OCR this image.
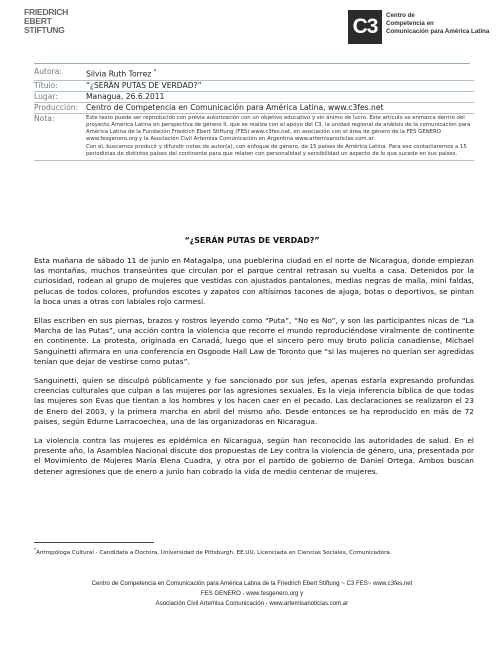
FRIEDRICH
EBERT
STIFTUNG	C3	Centro de
Competencia en
Comunicación para América Latina
Autora:	Silvia Ruth Torrez *
Título:	“¿SERÁN PUTAS DE VERDAD?”
Lugar:	Managua, 26.6.2011
Producción:	Centro de Competencia en Comunicación para América Latina, www.c3fes.net
Nota:	Este texto puede ser reproducido con previa autorización con un objetivo educativo y sin ánimo de lucro. Este artículo se enmarca dentro del proyecto América Latina en perspectiva de género II, que se realiza con el apoyo del C3, la unidad regional de análisis de la comunicación para América Latina de la Fundación Friedrich Ebert Stiftung (FES) www.c3fes.net, en asociación con el área de género de la FES GENERO www.fesgenero.org y la Asociación Civil Artemisa Comunicación en Argentina www.artemisanoticias.com.ar.

Con él, buscamos producir y difundir notas de autor(a), con enfoque de género, de 15 países de América Latina. Para eso contactaremos a 15 periodistas de distintos países del continente para que relaten con personalidad y sensibilidad un aspecto de lo que sucede en sus países.

“¿SERÁN PUTAS DE VERDAD?”

Esta mañana de sábado 11 de junio en Matagalpa, una pueblerina ciudad en el norte de Nicaragua, donde empiezan las montañas, muchos transeúntes que circulan por el parque central retrasan su vuelta a casa. Detenidos por la curiosidad, rodean al grupo de mujeres que vestidas con ajustados pantalones, medias negras de malla, mini faldas, pelucas de todos colores, profundos escotes y zapatos con altísimos tacones de ajuga, botas o deportivos, se pintan la boca unas a otras con labiales rojo carmesí.

Ellas escriben en sus piernas, brazos y rostros leyendo como “Puta”, “No es No”, y son las participantes nicas de “La Marcha de las Putas”, una acción contra la violencia que recorre el mundo reproduciéndose viralmente de continente en continente. La protesta, originada en Canadá, luego que el sincero pero muy bruto policía canadiense, Michael Sanguinetti afirmara en una conferencia en Osgoode Hall Law de Toronto que “si las mujeres no querían ser agredidas tenían que dejar de vestirse como putas”.

Sanguinetti, quien se disculpó públicamente y fue sancionado por sus jefes, apenas estaría expresando profundas creencias culturales que culpan a las mujeres por las agresiones sexuales. Es la vieja inferencia bíblica de que todas las mujeres son Evas que tientan a los hombres y los hacen caer en el pecado. Las declaraciones se realizaron el 23 de Enero del 2003, y la primera marcha en abril del mismo año. Desde entonces se ha reproducido en más de 72 países, según Edurne Larracoechea, una de las organizadoras en Nicaragua.

La violencia contra las mujeres es epidémica en Nicaragua, según han reconocido las autoridades de salud. En el presente año, la Asamblea Nacional discute dos propuestas de Ley contra la violencia de género, una, presentada por el Movimiento de Mujeres María Elena Cuadra, y otra por el partido de gobierno de Daniel Ortega. Ambos buscan detener agresiones que de enero a junio han cobrado la vida de medio centenar de mujeres.

*Antropóloga Cultural - Candidata a Doctora, Universidad de Pittsburgh. EE.UU, Licenciada en Ciencias Sociales, Comunicadora.
Centro de Competencia en Comunicación para América Latina de la Friedrich Ebert Stiftung ~ C3 FES~ www.c3fes.net
FES GENERO - www.fesgenero.org y
Asociación Civil Artemisa Comunicación - www.artemisanoticias.com.ar
